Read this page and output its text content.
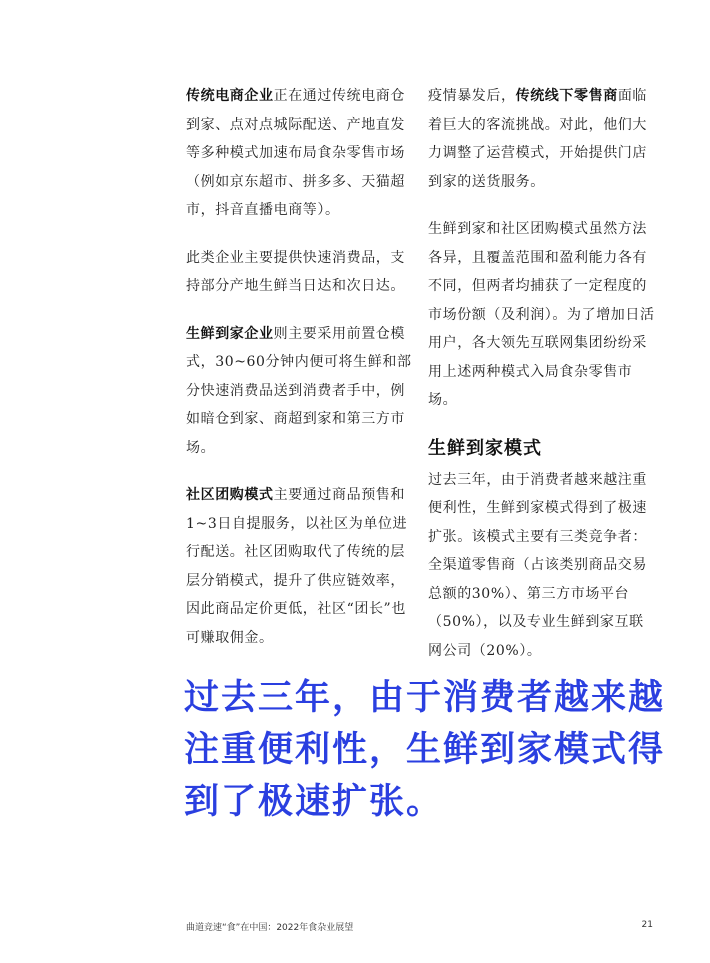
传统电商企业正在通过传统电商仓到家、点对点城际配送、产地直发等多种模式加速布局食杂零售市场（例如京东超市、拼多多、天猫超市，抖音直播电商等）。

此类企业主要提供快速消费品，支持部分产地生鲜当日达和次日达。

生鲜到家企业则主要采用前置仓模式，30~60分钟内便可将生鲜和部分快速消费品送到消费者手中，例如暗仓到家、商超到家和第三方市场。

社区团购模式主要通过商品预售和1~3日自提服务，以社区为单位进行配送。社区团购取代了传统的层层分销模式，提升了供应链效率，因此商品定价更低，社区“团长”也可赚取佣金。

疫情暴发后，传统线下零售商面临着巨大的客流挑战。对此，他们大力调整了运营模式，开始提供门店到家的送货服务。

生鲜到家和社区团购模式虽然方法各异，且覆盖范围和盈利能力各有不同，但两者均捕获了一定程度的市场份额（及利润）。为了增加日活用户，各大领先互联网集团纷纷采用上述两种模式入局食杂零售市场。

生鲜到家模式

过去三年，由于消费者越来越注重便利性，生鲜到家模式得到了极速扩张。该模式主要有三类竞争者：全渠道零售商（占该类别商品交易总额的30%）、第三方市场平台（50%），以及专业生鲜到家互联网公司（20%）。

过去三年，由于消费者越来越注重便利性，生鲜到家模式得到了极速扩张。
曲道竞速“食”在中国：2022年食杂业展望	21
